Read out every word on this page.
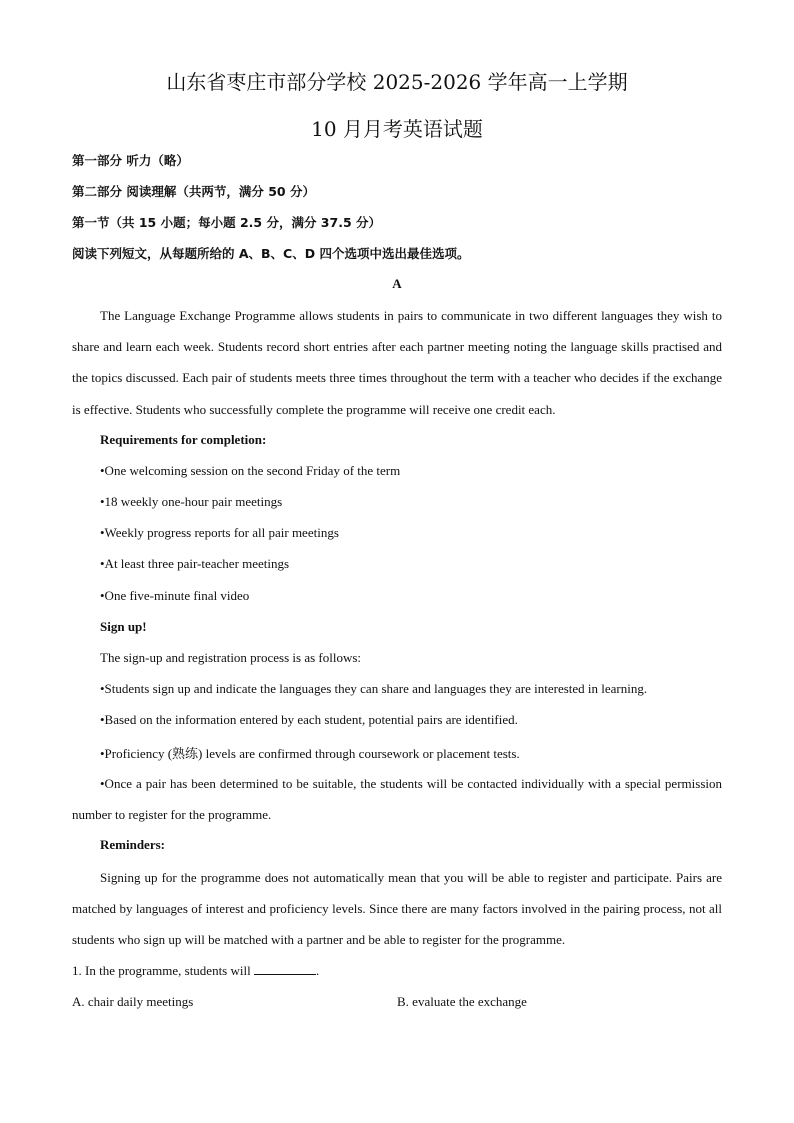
山东省枣庄市部分学校 2025-2026 学年高一上学期
10 月月考英语试题
第一部分 听力（略）
第二部分 阅读理解（共两节，满分 50 分）
第一节（共 15 小题；每小题 2.5 分，满分 37.5 分）
阅读下列短文，从每题所给的 A、B、C、D 四个选项中选出最佳选项。
A
The Language Exchange Programme allows students in pairs to communicate in two different languages they wish to share and learn each week. Students record short entries after each partner meeting noting the language skills practised and the topics discussed. Each pair of students meets three times throughout the term with a teacher who decides if the exchange is effective. Students who successfully complete the programme will receive one credit each.
Requirements for completion:
•One welcoming session on the second Friday of the term
•18 weekly one-hour pair meetings
•Weekly progress reports for all pair meetings
•At least three pair-teacher meetings
•One five-minute final video
Sign up!
The sign-up and registration process is as follows:
•Students sign up and indicate the languages they can share and languages they are interested in learning.
•Based on the information entered by each student, potential pairs are identified.
•Proficiency (熟练) levels are confirmed through coursework or placement tests.
•Once a pair has been determined to be suitable, the students will be contacted individually with a special permission number to register for the programme.
Reminders:
Signing up for the programme does not automatically mean that you will be able to register and participate. Pairs are matched by languages of interest and proficiency levels. Since there are many factors involved in the pairing process, not all students who sign up will be matched with a partner and be able to register for the programme.
1. In the programme, students will	.
A. chair daily meetings	B. evaluate the exchange
